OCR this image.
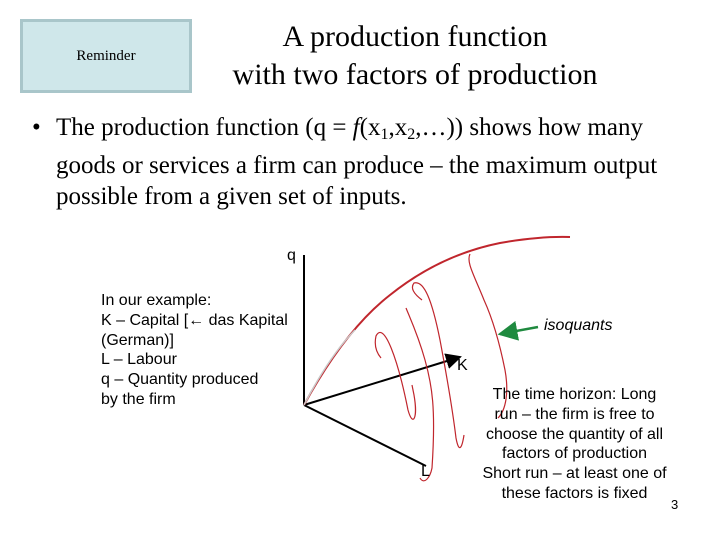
Reminder
A production function
with two factors of production
• The production function $(q = f(x_1,x_2,\dots))$ shows how many goods or services a firm can produce – the maximum output possible from a given set of inputs.
q
K
L
isoquants
In our example:
K – Capital [← das Kapital
(German)]
L – Labour
q – Quantity produced
by the firm	The time horizon: Long
run – the firm is free to
choose the quantity of all
factors of production
Short run – at least one of
these factors is fixed
3
